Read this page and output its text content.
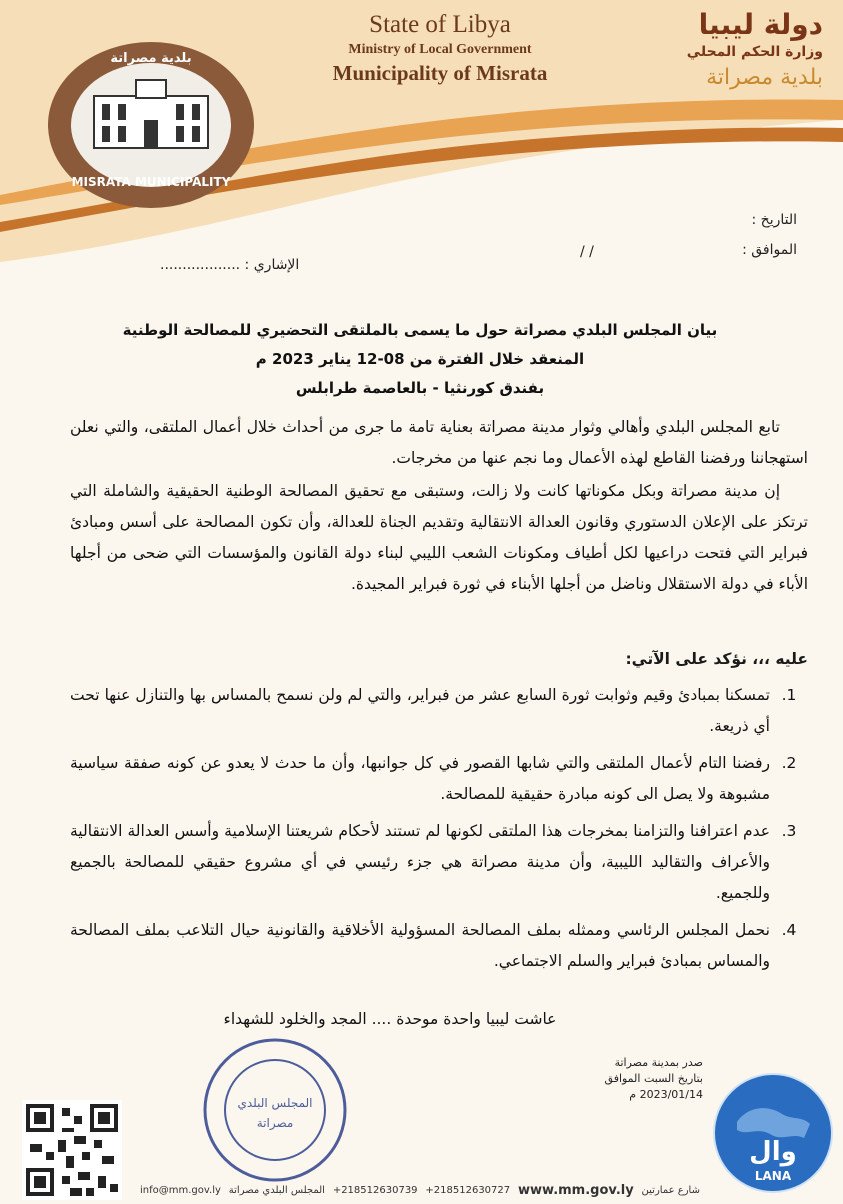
MISRATA MUNICIPALITY
بلدية مصراتة
State of Libya
Ministry of Local Government
Municipality of Misrata
دولة ليبيا
وزارة الحكم المحلي
بلدية مصراتة
التاريخ :
الموافق :
/ /
الإشاري : ..................
بيان المجلس البلدي مصراتة حول ما يسمى بالملتقى التحضيري للمصالحة الوطنية
المنعقد خلال الفترة من 08-12 يناير 2023 م
بفندق كورنثيا - بالعاصمة طرابلس

تابع المجلس البلدي وأهالي وثوار مدينة مصراتة بعناية تامة ما جرى من أحداث خلال أعمال الملتقى، والتي نعلن استهجاننا ورفضنا القاطع لهذه الأعمال وما نجم عنها من مخرجات.

إن مدينة مصراتة وبكل مكوناتها كانت ولا زالت، وستبقى مع تحقيق المصالحة الوطنية الحقيقية والشاملة التي ترتكز على الإعلان الدستوري وقانون العدالة الانتقالية وتقديم الجناة للعدالة، وأن تكون المصالحة على أسس ومبادئ فبراير التي فتحت دراعيها لكل أطياف ومكونات الشعب الليبي لبناء دولة القانون والمؤسسات التي ضحى من أجلها الأباء في دولة الاستقلال وناضل من أجلها الأبناء في ثورة فبراير المجيدة.

عليه ،،، نؤكد على الآتي:
1.
تمسكنا بمبادئ وقيم وثوابت ثورة السابع عشر من فبراير، والتي لم ولن نسمح بالمساس بها والتنازل عنها تحت أي ذريعة.
2.
رفضنا التام لأعمال الملتقى والتي شابها القصور في كل جوانبها، وأن ما حدث لا يعدو عن كونه صفقة سياسية مشبوهة ولا يصل الى كونه مبادرة حقيقية للمصالحة.
3.
عدم اعترافنا والتزامنا بمخرجات هذا الملتقى لكونها لم تستند لأحكام شريعتنا الإسلامية وأسس العدالة الانتقالية والأعراف والتقاليد الليبية، وأن مدينة مصراتة هي جزء رئيسي في أي مشروع حقيقي للمصالحة بالجميع وللجميع.
4.
نحمل المجلس الرئاسي وممثله بملف المصالحة المسؤولية الأخلاقية والقانونية حيال التلاعب بملف المصالحة والمساس بمبادئ فبراير والسلم الاجتماعي.
عاشت ليبيا واحدة موحدة .... المجد والخلود للشهداء
صدر بمدينة مصراتة
بتاريخ السبت الموافق
2023/01/14 م
المجلس البلدي
مصراتة
وال
LANA
info@mm.gov.ly المجلس البلدي مصراتة +218512630739 +218512630727 www.mm.gov.ly شارع عمارتين
